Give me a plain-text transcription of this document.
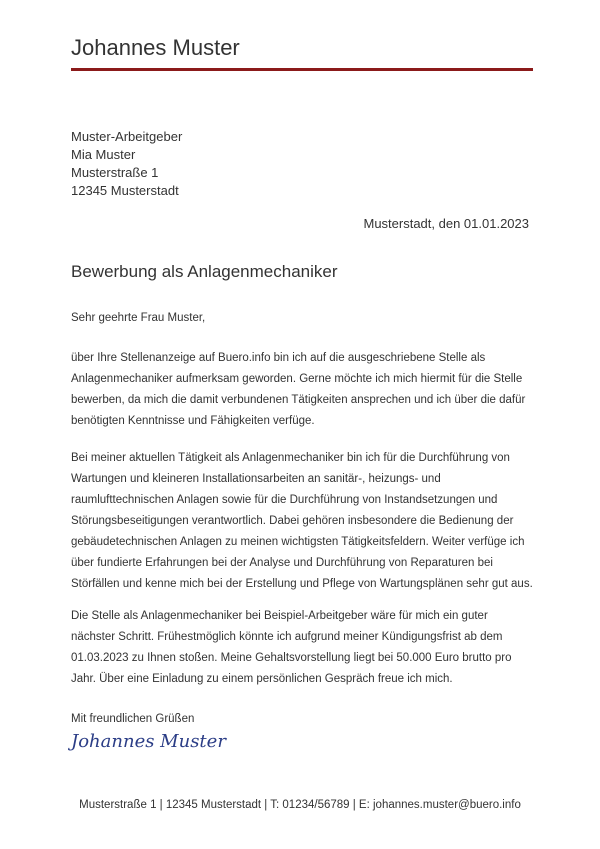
Johannes Muster
Muster-Arbeitgeber
Mia Muster
Musterstraße 1
12345 Musterstadt
Musterstadt, den 01.01.2023
Bewerbung als Anlagenmechaniker
Sehr geehrte Frau Muster,

über Ihre Stellenanzeige auf Buero.info bin ich auf die ausgeschriebene Stelle als Anlagenmechaniker aufmerksam geworden. Gerne möchte ich mich hiermit für die Stelle bewerben, da mich die damit verbundenen Tätigkeiten ansprechen und ich über die dafür benötigten Kenntnisse und Fähigkeiten verfüge.

Bei meiner aktuellen Tätigkeit als Anlagenmechaniker bin ich für die Durchführung von Wartungen und kleineren Installationsarbeiten an sanitär-, heizungs- und raumlufttechnischen Anlagen sowie für die Durchführung von Instandsetzungen und Störungsbeseitigungen verantwortlich. Dabei gehören insbesondere die Bedienung der gebäudetechnischen Anlagen zu meinen wichtigsten Tätigkeitsfeldern. Weiter verfüge ich über fundierte Erfahrungen bei der Analyse und Durchführung von Reparaturen bei Störfällen und kenne mich bei der Erstellung und Pflege von Wartungsplänen sehr gut aus.

Die Stelle als Anlagenmechaniker bei Beispiel-Arbeitgeber wäre für mich ein guter nächster Schritt. Frühestmöglich könnte ich aufgrund meiner Kündigungsfrist ab dem 01.03.2023 zu Ihnen stoßen. Meine Gehaltsvorstellung liegt bei 50.000 Euro brutto pro Jahr. Über eine Einladung zu einem persönlichen Gespräch freue ich mich.

Mit freundlichen Grüßen
Johannes Muster
Musterstraße 1 | 12345 Musterstadt | T: 01234/56789 | E: johannes.muster@buero.info
